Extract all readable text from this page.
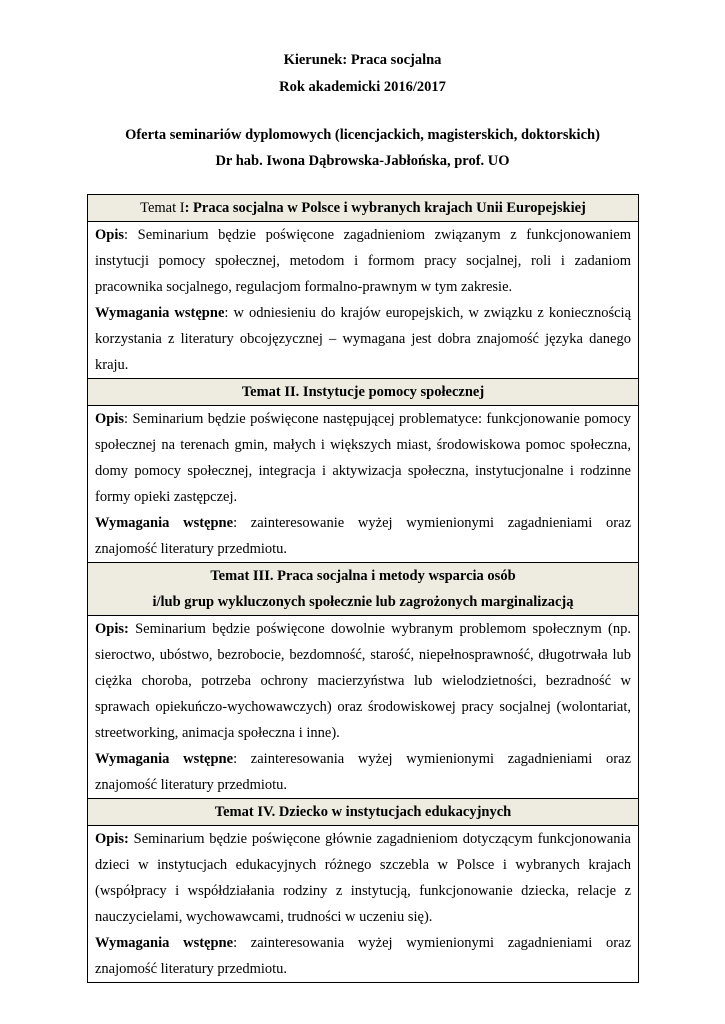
Kierunek: Praca socjalna
Rok akademicki 2016/2017
Oferta seminariów dyplomowych (licencjackich, magisterskich, doktorskich)
Dr hab. Iwona Dąbrowska-Jabłońska, prof. UO
Temat I: Praca socjalna w Polsce i wybranych krajach Unii Europejskiej

Opis: Seminarium będzie poświęcone zagadnieniom związanym z funkcjonowaniem instytucji pomocy społecznej, metodom i formom pracy socjalnej, roli i zadaniom pracownika socjalnego, regulacjom formalno-prawnym w tym zakresie.

Wymagania wstępne: w odniesieniu do krajów europejskich, w związku z koniecznością korzystania z literatury obcojęzycznej – wymagana jest dobra znajomość języka danego kraju.

Temat II. Instytucje pomocy społecznej

Opis: Seminarium będzie poświęcone następującej problematyce: funkcjonowanie pomocy społecznej na terenach gmin, małych i większych miast, środowiskowa pomoc społeczna, domy pomocy społecznej, integracja i aktywizacja społeczna, instytucjonalne i rodzinne formy opieki zastępczej.

Wymagania wstępne: zainteresowanie wyżej wymienionymi zagadnieniami oraz znajomość literatury przedmiotu.

Temat III. Praca socjalna i metody wsparcia osób
i/lub grup wykluczonych społecznie lub zagrożonych marginalizacją

Opis: Seminarium będzie poświęcone dowolnie wybranym problemom społecznym (np. sieroctwo, ubóstwo, bezrobocie, bezdomność, starość, niepełnosprawność, długotrwała lub ciężka choroba, potrzeba ochrony macierzyństwa lub wielodzietności, bezradność w sprawach opiekuńczo-wychowawczych) oraz środowiskowej pracy socjalnej (wolontariat, streetworking, animacja społeczna i inne).

Wymagania wstępne: zainteresowania wyżej wymienionymi zagadnieniami oraz znajomość literatury przedmiotu.

Temat IV. Dziecko w instytucjach edukacyjnych

Opis: Seminarium będzie poświęcone głównie zagadnieniom dotyczącym funkcjonowania dzieci w instytucjach edukacyjnych różnego szczebla w Polsce i wybranych krajach (współpracy i współdziałania rodziny z instytucją, funkcjonowanie dziecka, relacje z nauczycielami, wychowawcami, trudności w uczeniu się).

Wymagania wstępne: zainteresowania wyżej wymienionymi zagadnieniami oraz znajomość literatury przedmiotu.
